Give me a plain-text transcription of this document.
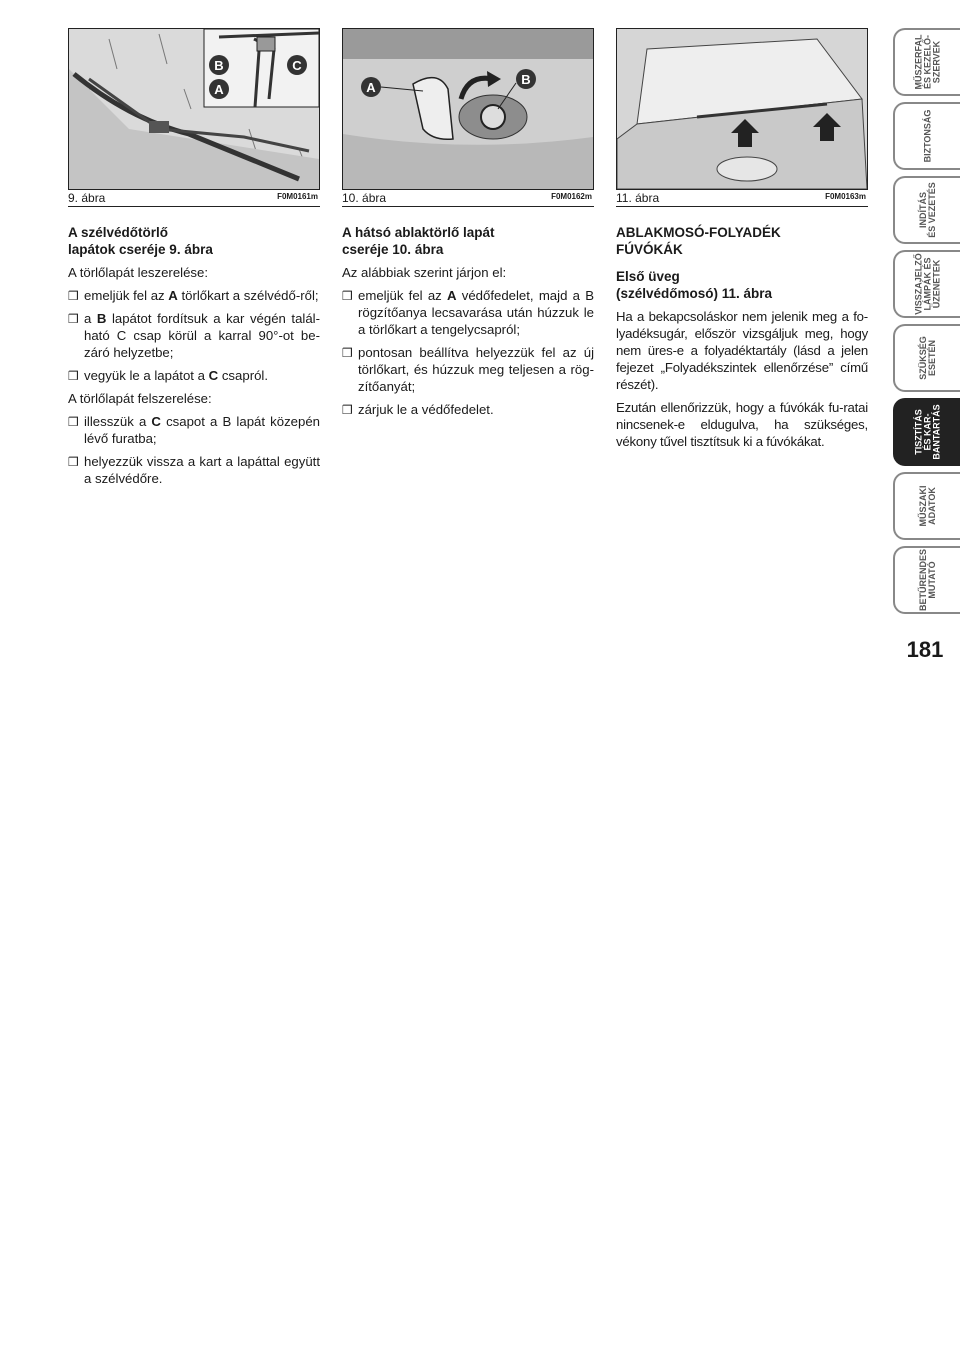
B	C
A
9. ábra	F0M0161m
A
B
10. ábra	F0M0162m 11. ábra	F0M0163m
A szélvédőtörlő
lapátok cseréje 9. ábra

A törlőlapát leszerelése:

❒ emeljük fel az A törlőkart a szélvédő-ről;
❒ a B lapátot fordítsuk a kar végén talál-ható C csap körül a karral 90°-ot be-záró helyzetbe;
❒ vegyük le a lapátot a C csapról.

A törlőlapát felszerelése:

❒ illesszük a C csapot a B lapát közepén lévő furatba;
❒ helyezzük vissza a kart a lapáttal együtt a szélvédőre.
A hátsó ablaktörlő lapát
cseréje 10. ábra

Az alábbiak szerint járjon el:

❒ emeljük fel az A védőfedelet, majd a B rögzítőanya lecsavarása után húzzuk le a törlőkart a tengelycsapról;
❒ pontosan beállítva helyezzük fel az új törlőkart, és húzzuk meg teljesen a rög-zítőanyát;
❒ zárjuk le a védőfedelet.
ABLAKMOSÓ-FOLYADÉK
FÚVÓKÁK
Első üveg
(szélvédőmosó) 11. ábra

Ha a bekapcsoláskor nem jelenik meg a fo-lyadéksugár, először vizsgáljuk meg, hogy nem üres-e a folyadéktartály (lásd a jelen fejezet „Folyadékszintek ellenőrzése” című részét).

Ezután ellenőrizzük, hogy a fúvókák fu-ratai nincsenek-e eldugulva, ha szükséges, vékony tűvel tisztítsuk ki a fúvókákat.

MŰSZERFAL ÉS KEZELŐ- SZERVEK
BIZTONSÁG
INDÍTÁS ÉS VEZETÉS
VISSZAJELZŐ LÁMPÁK ÉS ÜZENETEK
SZÜKSÉG ESETÉN
TISZTÍTÁS ÉS KAR- BANTARTÁS
MŰSZAKI ADATOK
BETŰRENDES MUTATÓ
181
